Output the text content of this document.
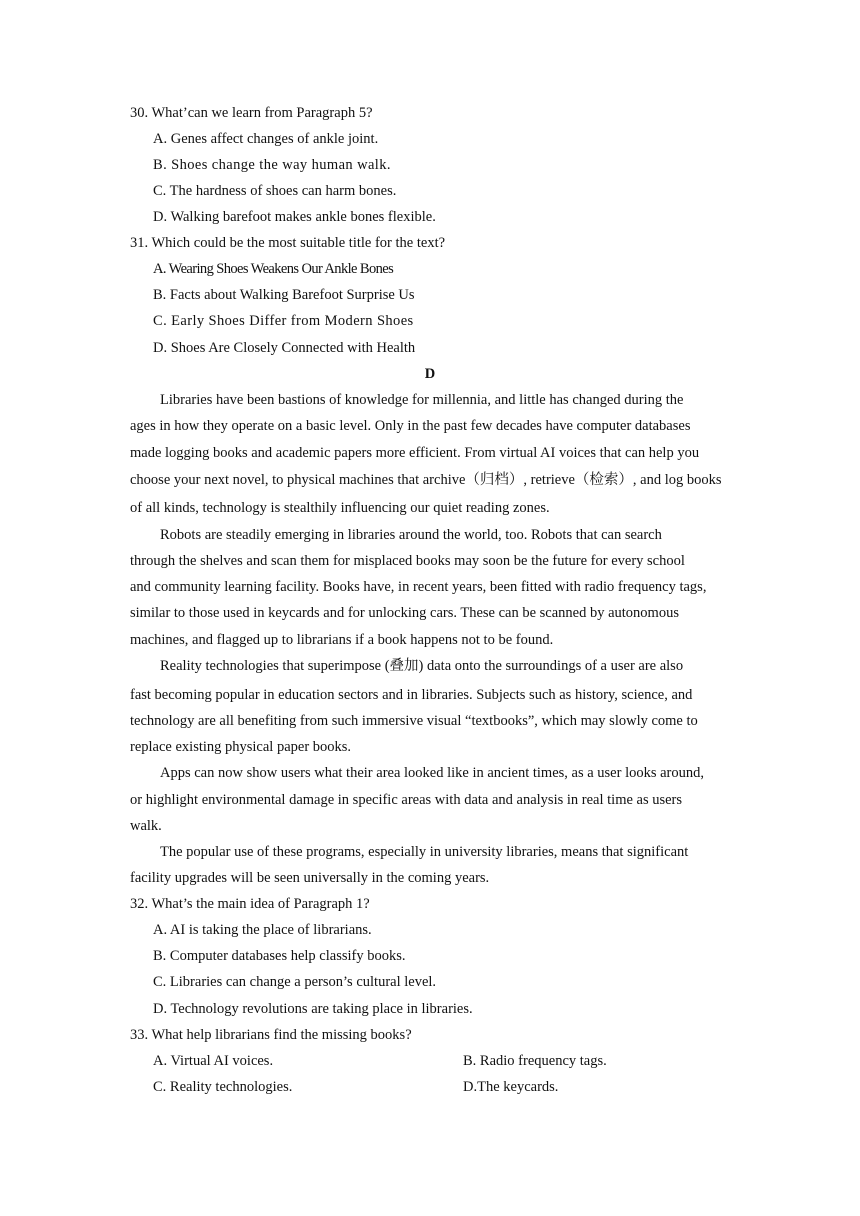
30. What’can we learn from Paragraph 5?
A. Genes affect changes of ankle joint.
B. Shoes change the way human walk.
C. The hardness of shoes can harm bones.
D. Walking barefoot makes ankle bones flexible.
31. Which could be the most suitable title for the text?
A. Wearing Shoes Weakens Our Ankle Bones
B. Facts about Walking Barefoot Surprise Us
C. Early Shoes Differ from Modern Shoes
D. Shoes Are Closely Connected with Health
D
Libraries have been bastions of knowledge for millennia, and little has changed during the
ages in how they operate on a basic level. Only in the past few decades have computer databases
made logging books and academic papers more efficient. From virtual AI voices that can help you
choose your next novel, to physical machines that archive（归档）, retrieve（检索）, and log books
of all kinds, technology is stealthily influencing our quiet reading zones.
Robots are steadily emerging in libraries around the world, too. Robots that can search
through the shelves and scan them for misplaced books may soon be the future for every school
and community learning facility. Books have, in recent years, been fitted with radio frequency tags,
similar to those used in keycards and for unlocking cars. These can be scanned by autonomous
machines, and flagged up to librarians if a book happens not to be found.
Reality technologies that superimpose (叠加) data onto the surroundings of a user are also
fast becoming popular in education sectors and in libraries. Subjects such as history, science, and
technology are all benefiting from such immersive visual “textbooks”, which may slowly come to
replace existing physical paper books.
Apps can now show users what their area looked like in ancient times, as a user looks around,
or highlight environmental damage in specific areas with data and analysis in real time as users
walk.
The popular use of these programs, especially in university libraries, means that significant
facility upgrades will be seen universally in the coming years.
32. What’s the main idea of Paragraph 1?
A. AI is taking the place of librarians.
B. Computer databases help classify books.
C. Libraries can change a person’s cultural level.
D. Technology revolutions are taking place in libraries.
33. What help librarians find the missing books?
A. Virtual AI voices.	B. Radio frequency tags.
C. Reality technologies.	D.The keycards.
